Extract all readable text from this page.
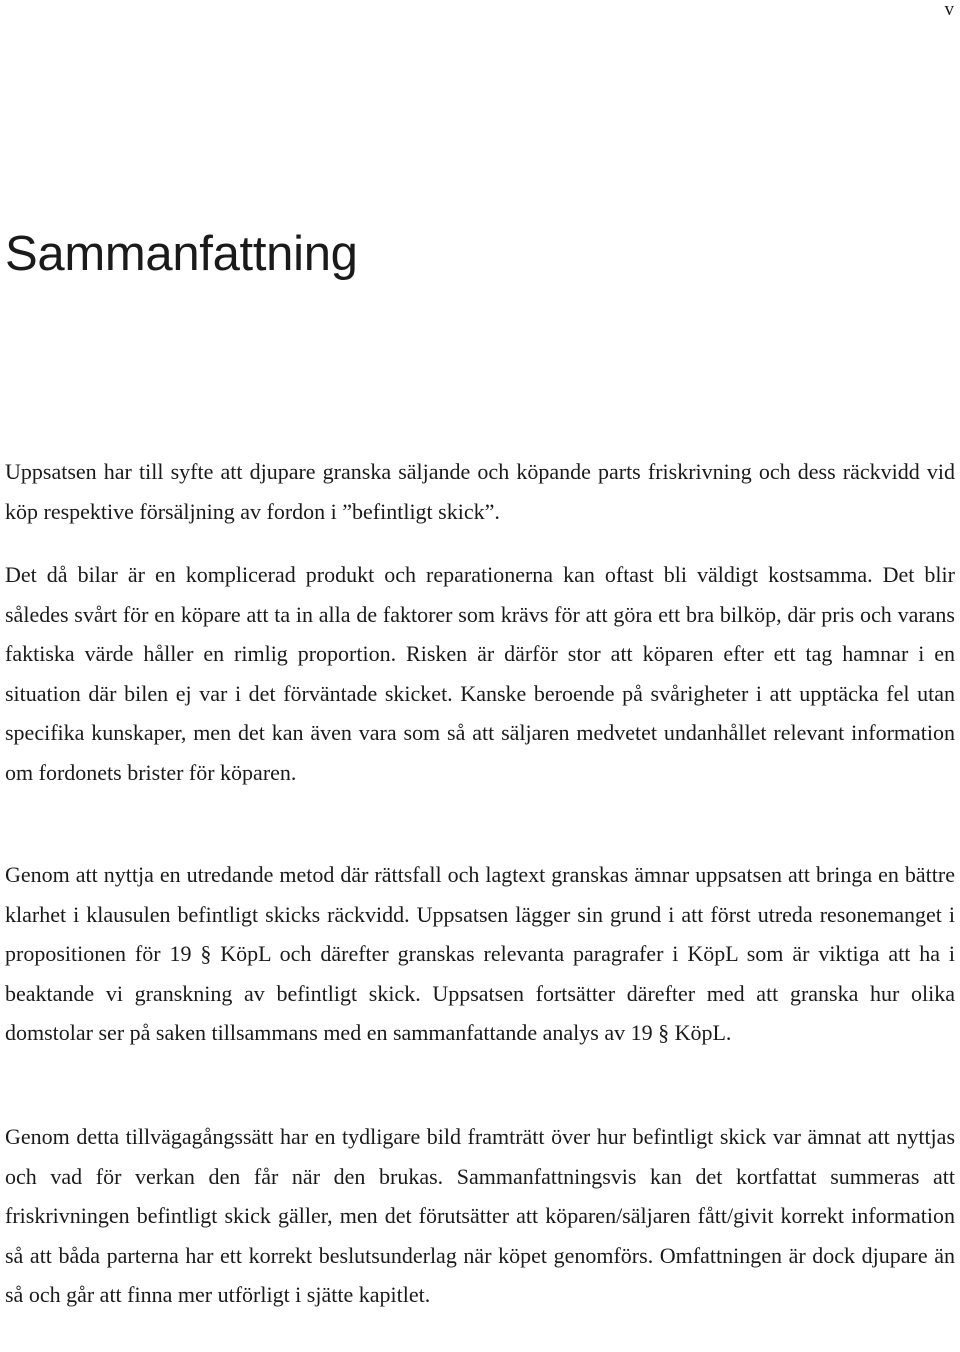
v
Sammanfattning

Uppsatsen har till syfte att djupare granska säljande och köpande parts friskrivning och dess räckvidd vid köp respektive försäljning av fordon i ”befintligt skick”.

Det då bilar är en komplicerad produkt och reparationerna kan oftast bli väldigt kostsamma. Det blir således svårt för en köpare att ta in alla de faktorer som krävs för att göra ett bra bilköp, där pris och varans faktiska värde håller en rimlig proportion. Risken är därför stor att köparen efter ett tag hamnar i en situation där bilen ej var i det förväntade skicket. Kanske beroende på svårigheter i att upptäcka fel utan specifika kunskaper, men det kan även vara som så att säljaren medvetet undanhållet relevant information om fordonets brister för köparen.

Genom att nyttja en utredande metod där rättsfall och lagtext granskas ämnar uppsatsen att bringa en bättre klarhet i klausulen befintligt skicks räckvidd. Uppsatsen lägger sin grund i att först utreda resonemanget i propositionen för 19 § KöpL och därefter granskas relevanta paragrafer i KöpL som är viktiga att ha i beaktande vi granskning av befintligt skick. Uppsatsen fortsätter därefter med att granska hur olika domstolar ser på saken tillsammans med en sammanfattande analys av 19 § KöpL.

Genom detta tillvägagångssätt har en tydligare bild framträtt över hur befintligt skick var ämnat att nyttjas och vad för verkan den får när den brukas. Sammanfattningsvis kan det kortfattat summeras att friskrivningen befintligt skick gäller, men det förutsätter att köparen/säljaren fått/givit korrekt information så att båda parterna har ett korrekt beslutsunderlag när köpet genomförs. Omfattningen är dock djupare än så och går att finna mer utförligt i sjätte kapitlet.
